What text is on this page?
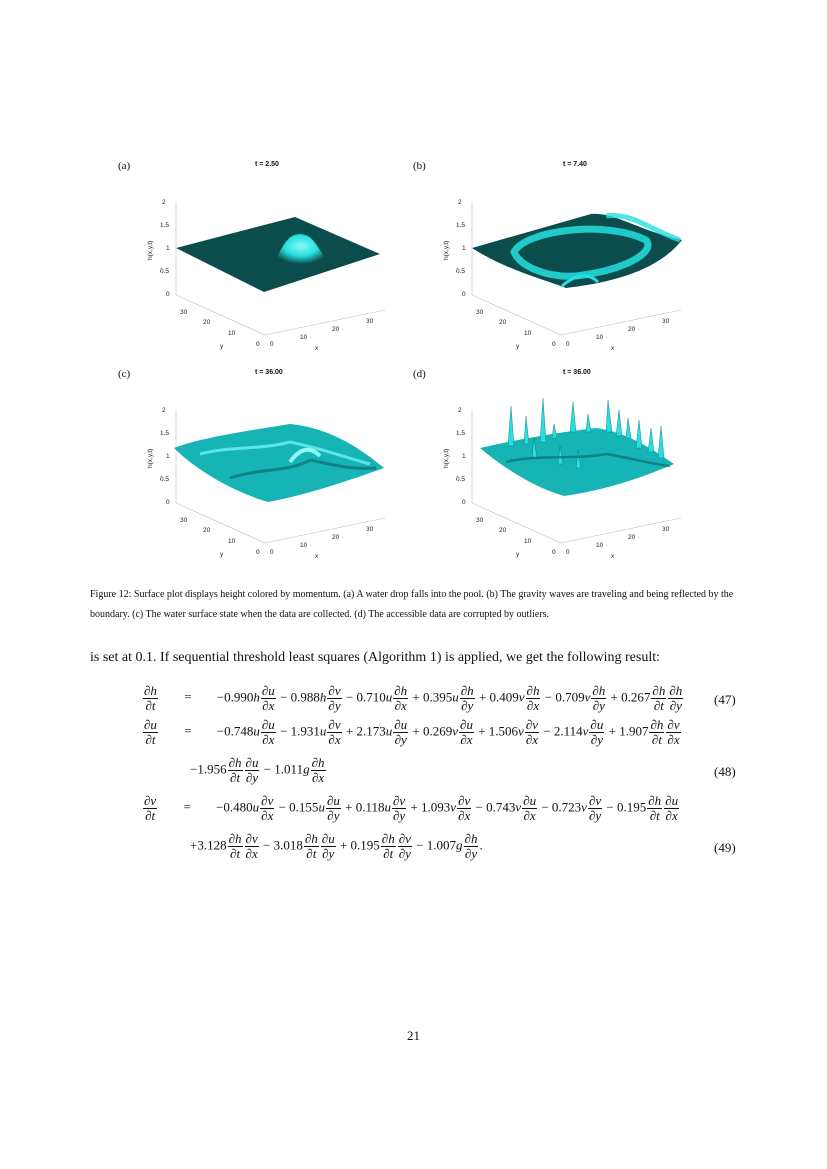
(a)	t = 2.50	(b)	t = 7.40
(c)	t = 36.00	(d)	t = 36.00
2
1.5
1
0.5
0
h(x,y,t)
30
20
10
0
y	0
10
20
30
x
2
1.5
1
0.5
0
h(x,y,t)
30
20
10
0
y	0
10
20
30
x
2
1.5
1
0.5
0
h(x,y,t)
30
20
10
0
y	0
10
20
30
x
2
1.5
1
0.5
0
h(x,y,t)
30
20
10
0
y	0
10
20
30
x
Figure 12: Surface plot displays height colored by momentum. (a) A water drop falls into the pool. (b) The gravity waves are traveling and being reflected by the boundary. (c) The water surface state when the data are collected. (d) The accessible data are corrupted by outliers.
is set at 0.1. If sequential threshold least squares (Algorithm 1) is applied, we get the following result:
$\frac{\partial h}{\partial t} = -0.990h \frac{\partial u}{\partial x} - 0.988h \frac{\partial v}{\partial y} - 0.710u \frac{\partial h}{\partial x} + 0.395u \frac{\partial h}{\partial y} + 0.409v \frac{\partial h}{\partial x} - 0.709v \frac{\partial h}{\partial y} + 0.267 \frac{\partial h}{\partial t} \frac{\partial h}{\partial y} (47)$
$\frac{\partial u}{\partial t} = -0.748u \frac{\partial u}{\partial x} - 1.931u \frac{\partial v}{\partial x} + 2.173u \frac{\partial u}{\partial y} + 0.269v \frac{\partial u}{\partial x} + 1.506v \frac{\partial v}{\partial x} - 2.114v \frac{\partial u}{\partial y} + 1.907 \frac{\partial h}{\partial t} \frac{\partial v}{\partial x}$
$-1.956 \frac{\partial h}{\partial t} \frac{\partial u}{\partial y} - 1.011g \frac{\partial h}{\partial x}$	(48)
$\frac{\partial v}{\partial t} = -0.480u \frac{\partial v}{\partial x} - 0.155u \frac{\partial u}{\partial y} + 0.118u \frac{\partial v}{\partial y} + 1.093v \frac{\partial v}{\partial x} - 0.743v \frac{\partial u}{\partial x} - 0.723v \frac{\partial v}{\partial y} - 0.195 \frac{\partial h}{\partial t} \frac{\partial u}{\partial x}$
$+3.128 \frac{\partial h}{\partial t} \frac{\partial v}{\partial x} - 3.018 \frac{\partial h}{\partial t} \frac{\partial u}{\partial y} + 0.195 \frac{\partial h}{\partial t} \frac{\partial v}{\partial y} - 1.007g \frac{\partial h}{\partial y}$ .	(49)
21
